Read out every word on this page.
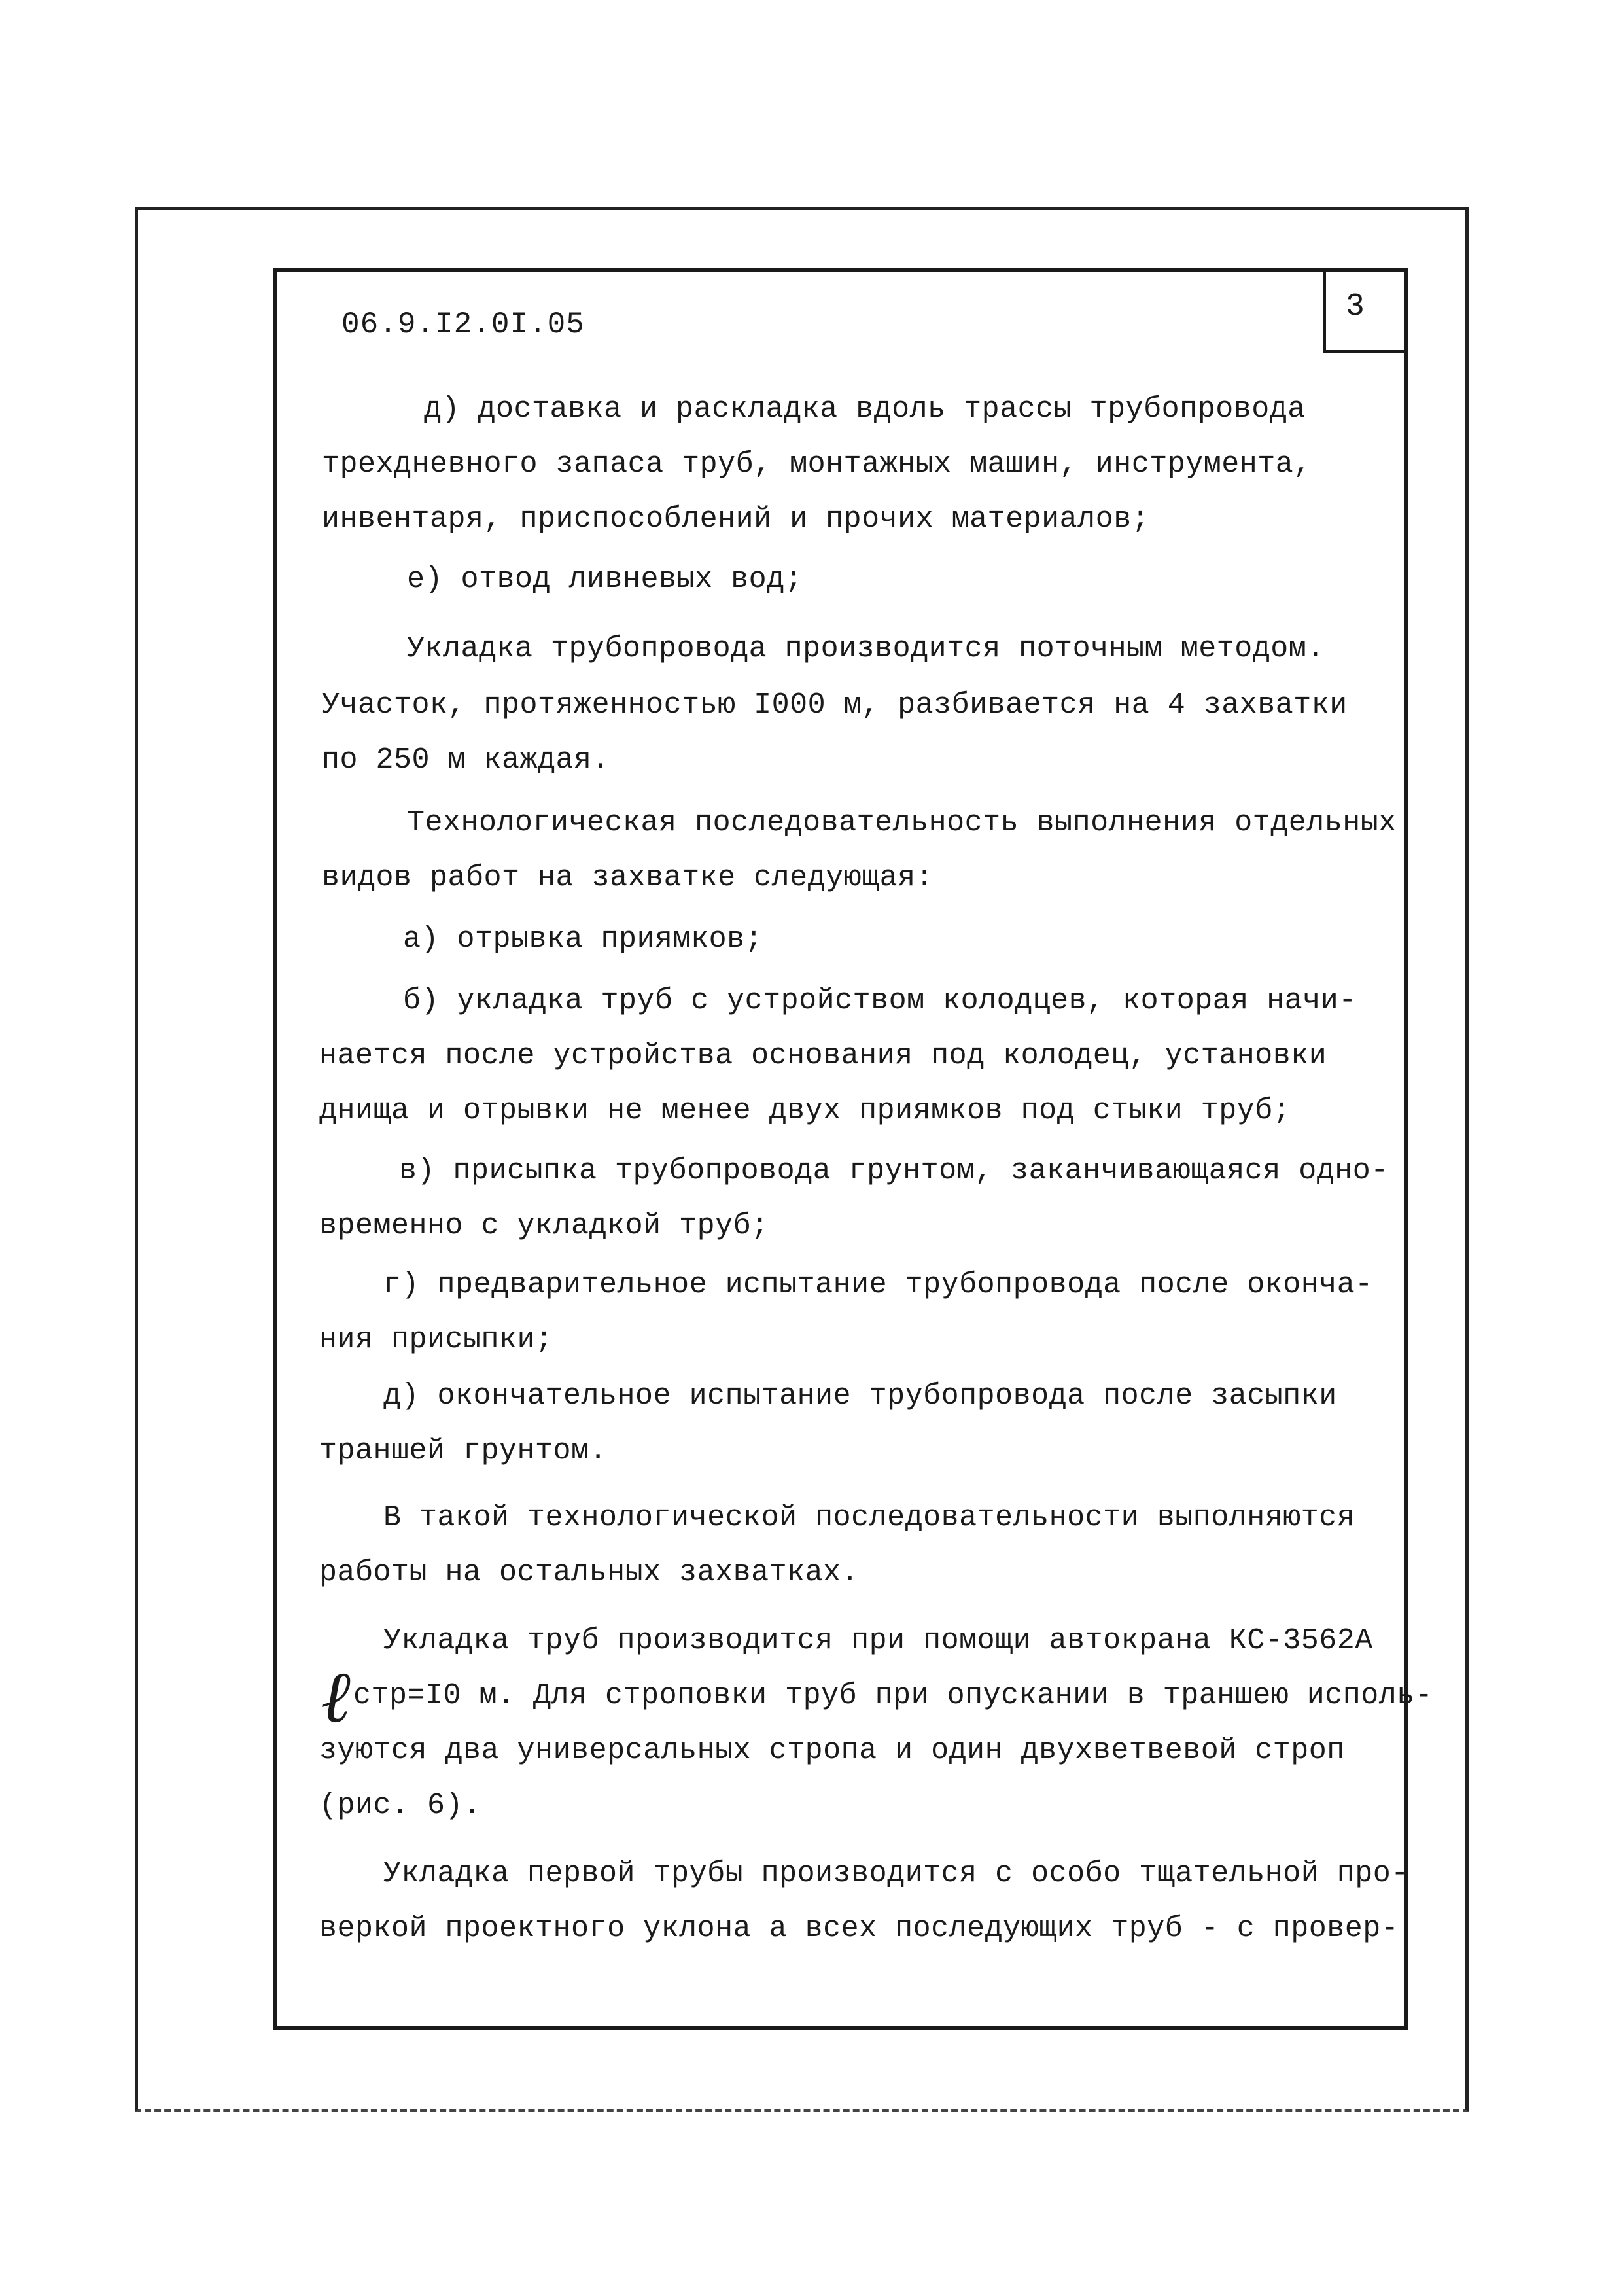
06.9.I2.0I.05	3
д) доставка и раскладка вдоль трассы трубопровода
трехдневного запаса труб, монтажных машин, инструмента,
инвентаря, приспособлений и прочих материалов;
е) отвод ливневых вод;
Укладка трубопровода производится поточным методом.
Участок, протяженностью I000 м, разбивается на 4 захватки
по 250 м каждая.
Технологическая последовательность выполнения отдельных
видов работ на захватке следующая:
а) отрывка приямков;
б) укладка труб с устройством колодцев, которая начи-
нается после устройства основания под колодец, установки
днища и отрывки не менее двух приямков под стыки труб;
в) присыпка трубопровода грунтом, заканчивающаяся одно-
временно с укладкой труб;
г) предварительное испытание трубопровода после оконча-
ния присыпки;
д) окончательное испытание трубопровода после засыпки
траншей грунтом.
В такой технологической последовательности выполняются
работы на остальных захватках.
ℓ
Укладка труб производится при помощи автокрана КС-3562А
стр=I0 м. Для строповки труб при опускании в траншею исполь-
зуются два универсальных стропа и один двухветвевой строп
(рис. 6).
Укладка первой трубы производится с особо тщательной про-
веркой проектного уклона а всех последующих труб - с провер-
